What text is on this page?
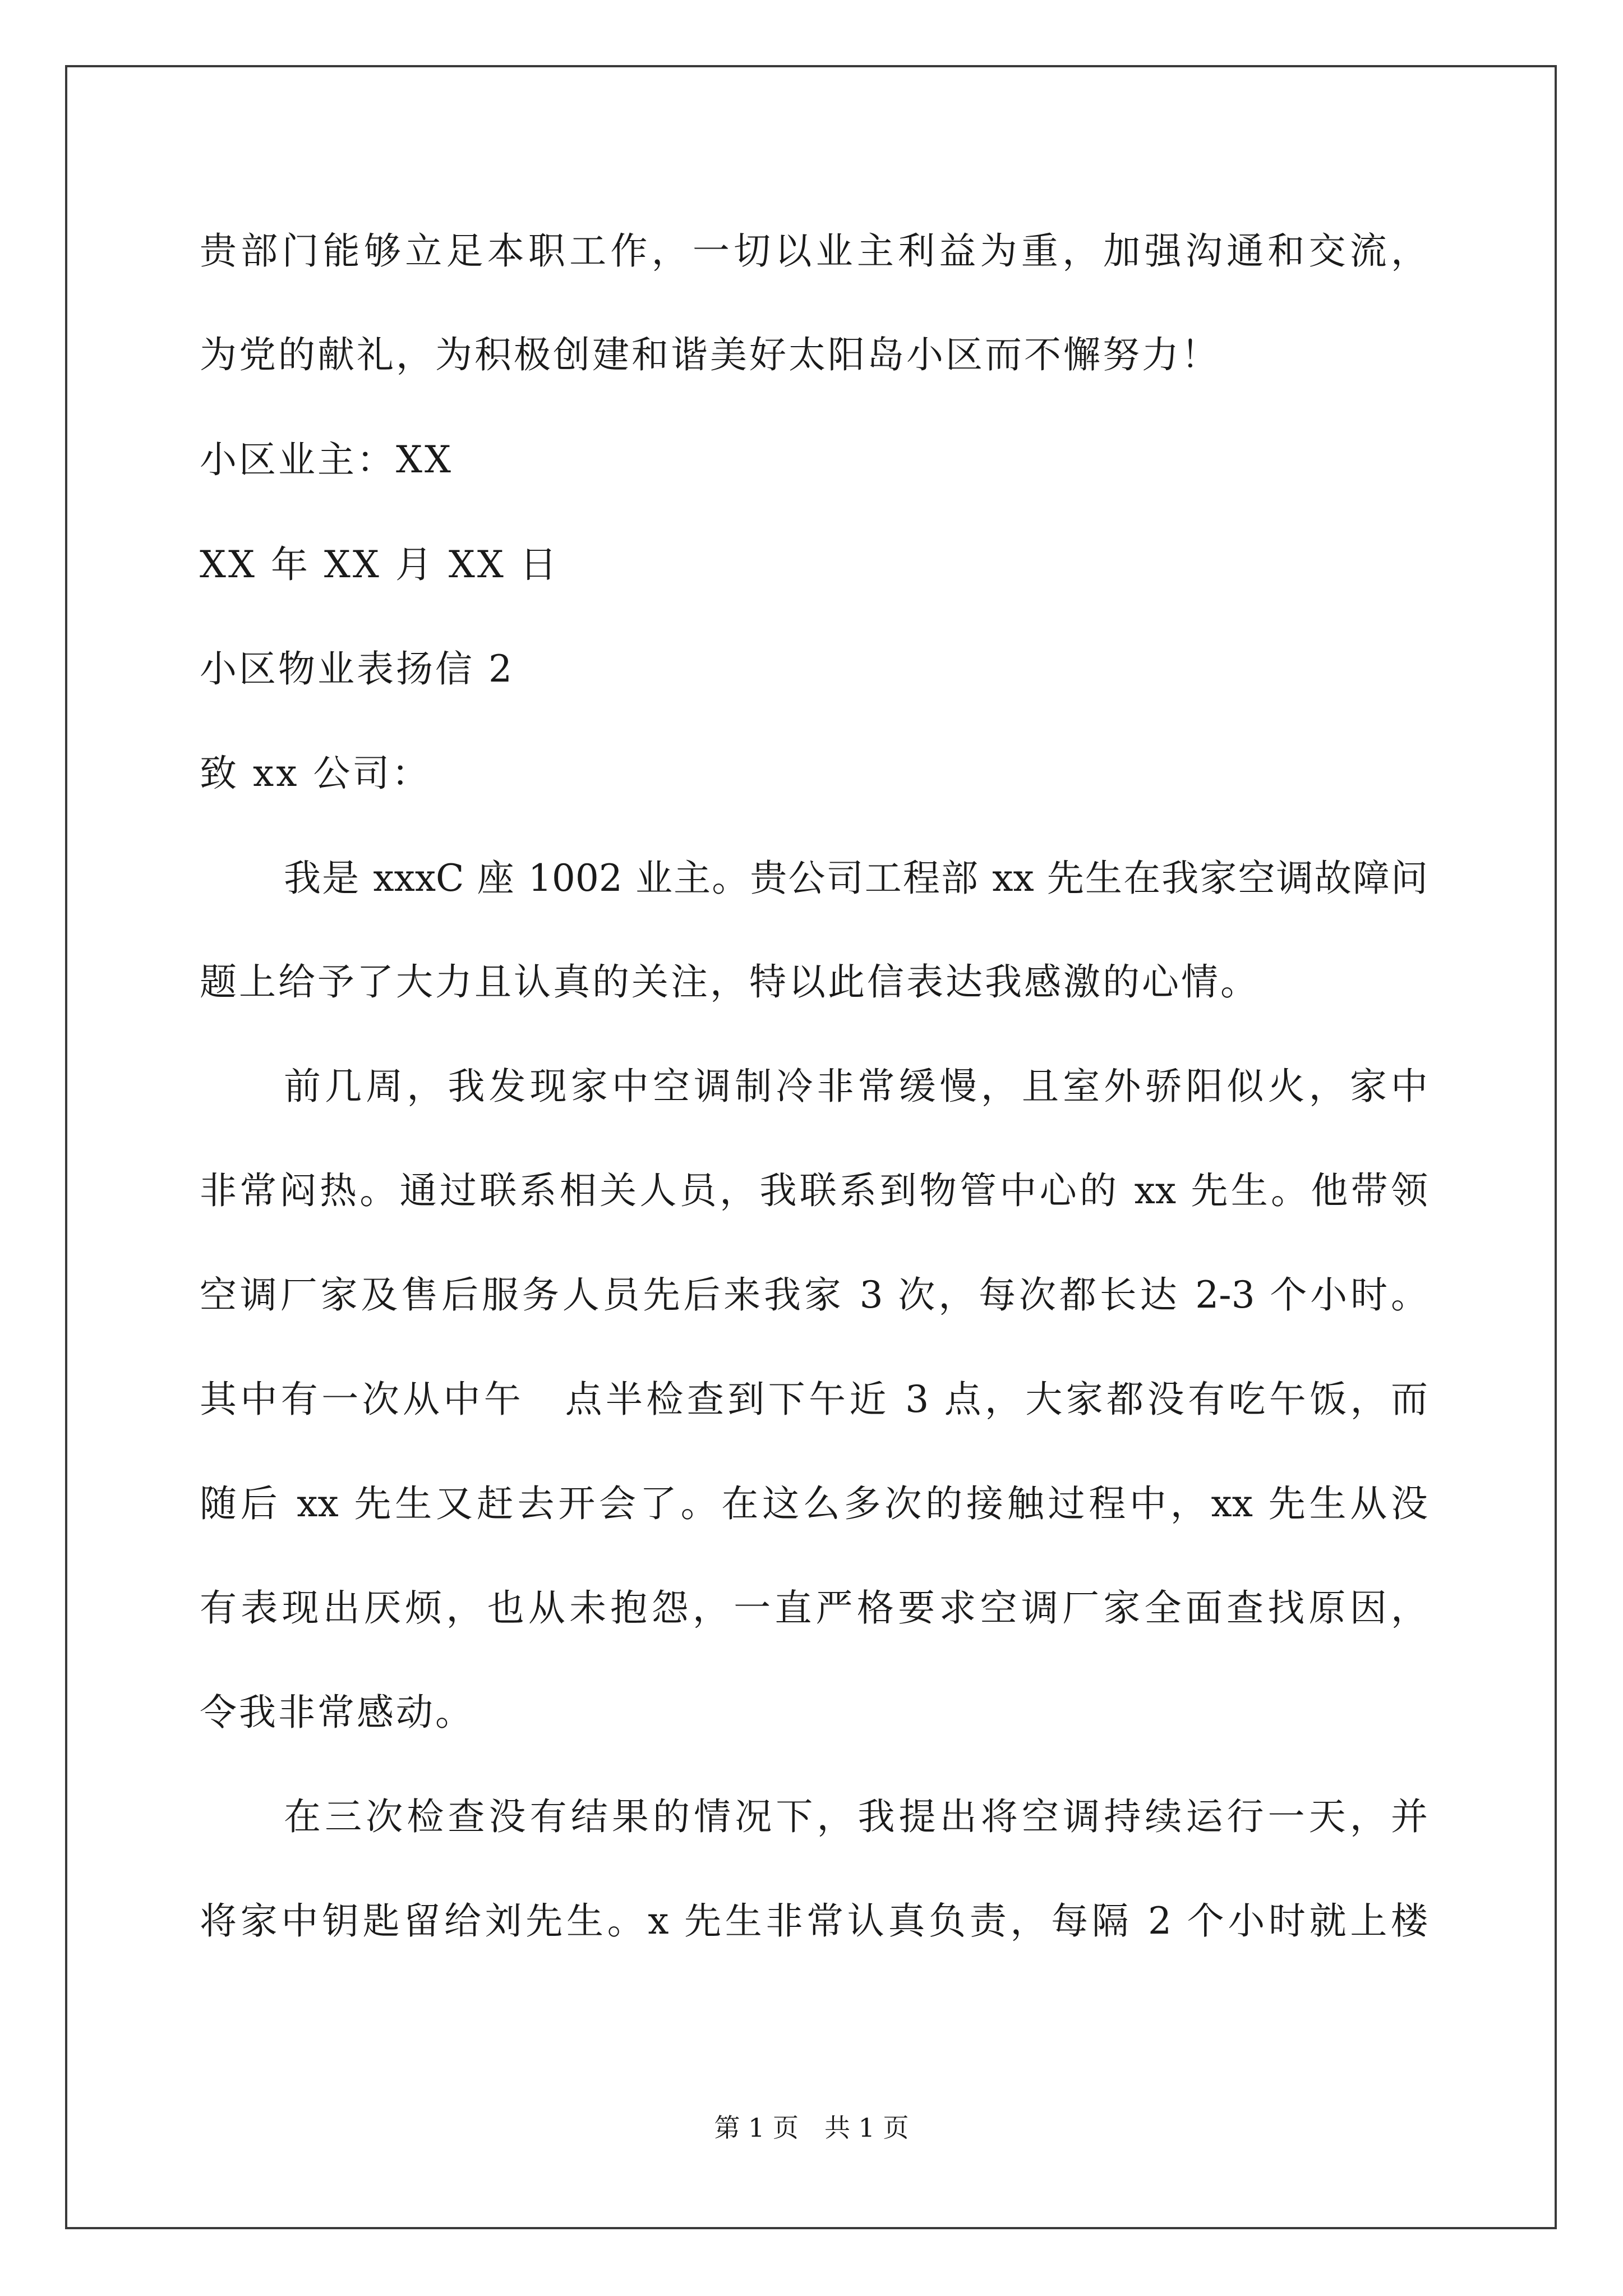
贵部门能够立足本职工作，一切以业主利益为重，加强沟通和交流，
为党的献礼，为积极创建和谐美好太阳岛小区而不懈努力！
小区业主：XX
XX 年 XX 月 XX 日
小区物业表扬信 2
致 xx 公司：
我是 xxxC 座 1002 业主。贵公司工程部 xx 先生在我家空调故障问
题上给予了大力且认真的关注，特以此信表达我感激的心情。
前几周，我发现家中空调制冷非常缓慢，且室外骄阳似火，家中
非常闷热。通过联系相关人员，我联系到物管中心的 xx 先生。他带领
空调厂家及售后服务人员先后来我家 3 次，每次都长达 2-3 个小时。
其中有一次从中午　点半检查到下午近 3 点，大家都没有吃午饭，而
随后 xx 先生又赶去开会了。在这么多次的接触过程中，xx 先生从没
有表现出厌烦，也从未抱怨，一直严格要求空调厂家全面查找原因，
令我非常感动。
在三次检查没有结果的情况下，我提出将空调持续运行一天，并
将家中钥匙留给刘先生。x 先生非常认真负责，每隔 2 个小时就上楼
第 1 页　共 1 页
